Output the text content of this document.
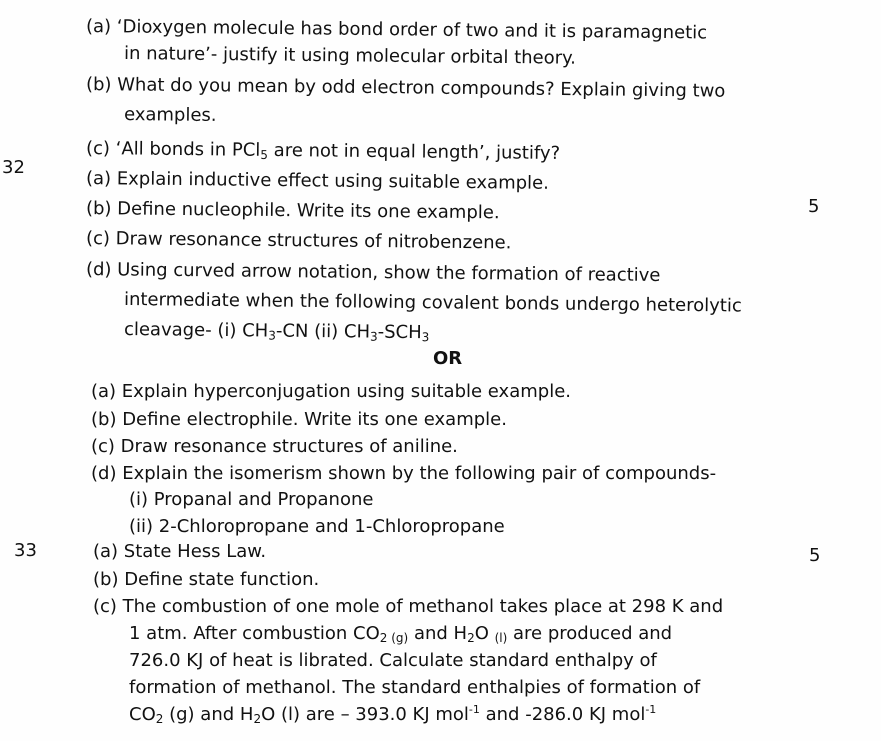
(a) ‘Dioxygen molecule has bond order of two and it is paramagnetic
in nature’- justify it using molecular orbital theory.
(b) What do you mean by odd electron compounds? Explain giving two
examples.
(c) ‘All bonds in PCl$_5$ are not in equal length’, justify?
32
5
(a) Explain inductive effect using suitable example.
(b) Define nucleophile. Write its one example.
(c) Draw resonance structures of nitrobenzene.
(d) Using curved arrow notation, show the formation of reactive
intermediate when the following covalent bonds undergo heterolytic
cleavage- (i) $CH_3-CN$ (ii) $CH_3-SCH_3$
OR
(a) Explain hyperconjugation using suitable example.
(b) Define electrophile. Write its one example.
(c) Draw resonance structures of aniline.
(d) Explain the isomerism shown by the following pair of compounds-
(i) Propanal and Propanone
(ii) 2-Chloropropane and 1-Chloropropane
33	5
(a) State Hess Law.
(b) Define state function.
(c) The combustion of one mole of methanol takes place at 298 K and
1 atm. After combustion $CO_{2 (g)}$ and $H_2O$ $_{(l)}$ are produced and
726.0 KJ of heat is librated. Calculate standard enthalpy of
formation of methanol. The standard enthalpies of formation of
$CO_2$ (g) and $H_2O$ (l) are – 393.0 KJ mol$^{-1}$ and -286.0 KJ mol$^{-1}$
